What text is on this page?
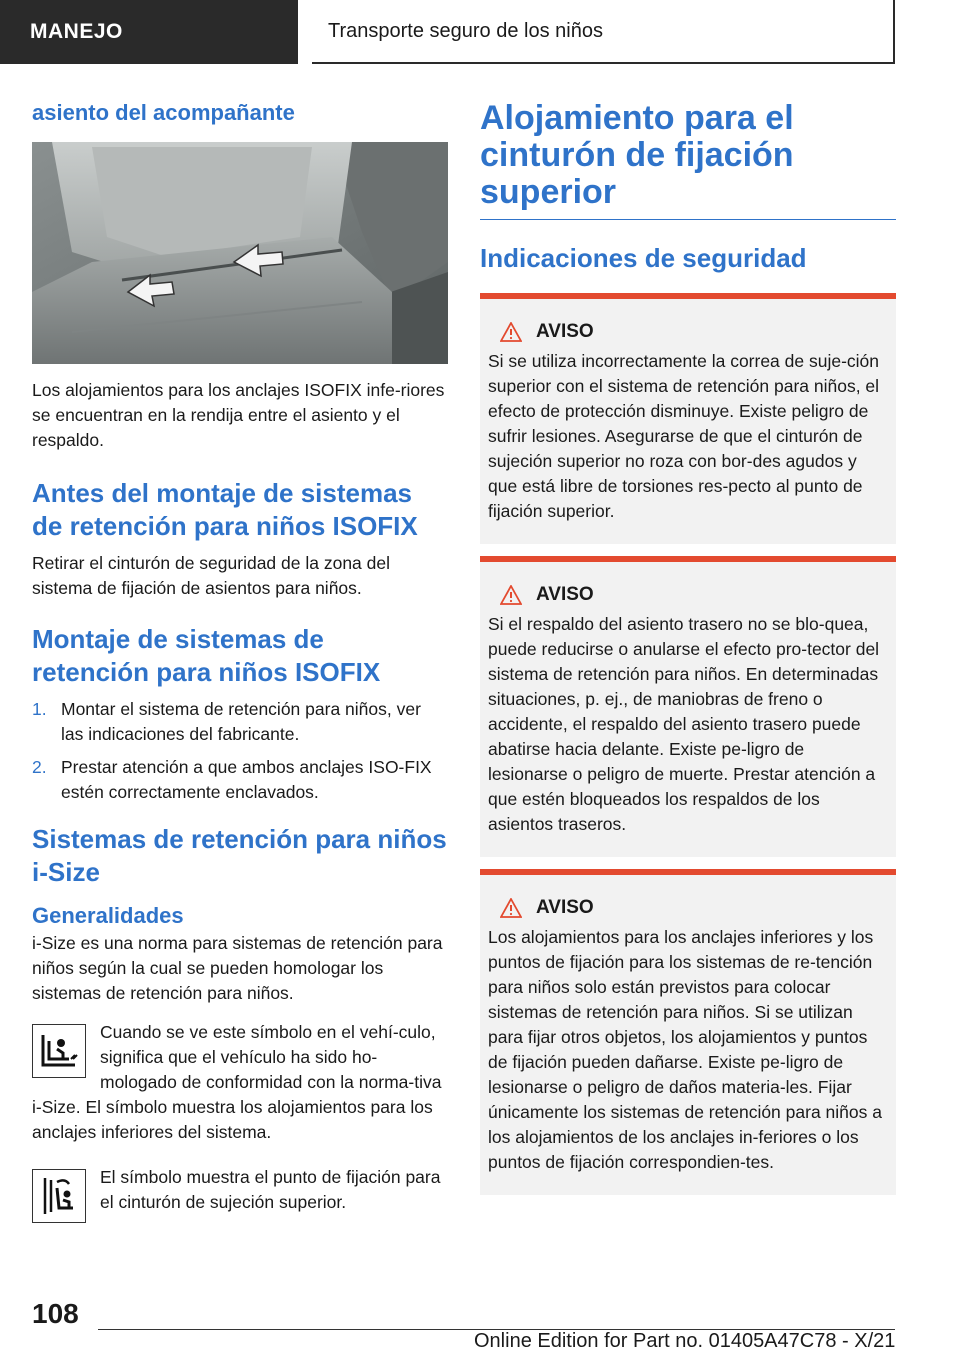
MANEJO	Transporte seguro de los niños
asiento del acompañante

Los alojamientos para los anclajes ISOFIX infe-riores se encuentran en la rendija entre el asiento y el respaldo.

Antes del montaje de sistemas de retención para niños ISOFIX

Retirar el cinturón de seguridad de la zona del sistema de fijación de asientos para niños.

Montaje de sistemas de retención para niños ISOFIX
1. Montar el sistema de retención para niños, ver las indicaciones del fabricante.
2. Prestar atención a que ambos anclajes ISO-FIX estén correctamente enclavados.
Sistemas de retención para niños i-Size
Generalidades

i-Size es una norma para sistemas de retención para niños según la cual se pueden homologar los sistemas de retención para niños.

Cuando se ve este símbolo en el vehí-culo, significa que el vehículo ha sido ho-mologado de conformidad con la norma-tiva i-Size. El símbolo muestra los alojamientos para los anclajes inferiores del sistema.

El símbolo muestra el punto de fijación para el cinturón de sujeción superior.

Alojamiento para el cinturón de fijación superior
Indicaciones de seguridad
AVISO

Si se utiliza incorrectamente la correa de suje-ción superior con el sistema de retención para niños, el efecto de protección disminuye. Existe peligro de sufrir lesiones. Asegurarse de que el cinturón de sujeción superior no roza con bor-des agudos y que está libre de torsiones res-pecto al punto de fijación superior.

AVISO

Si el respaldo del asiento trasero no se blo-quea, puede reducirse o anularse el efecto pro-tector del sistema de retención para niños. En determinadas situaciones, p. ej., de maniobras de freno o accidente, el respaldo del asiento trasero puede abatirse hacia delante. Existe pe-ligro de lesionarse o peligro de muerte. Prestar atención a que estén bloqueados los respaldos de los asientos traseros.

AVISO

Los alojamientos para los anclajes inferiores y los puntos de fijación para los sistemas de re-tención para niños solo están previstos para colocar sistemas de retención para niños. Si se utilizan para fijar otros objetos, los alojamientos y puntos de fijación pueden dañarse. Existe pe-ligro de lesionarse o peligro de daños materia-les. Fijar únicamente los sistemas de retención para niños a los alojamientos de los anclajes in-feriores o los puntos de fijación correspondien-tes.

108
Online Edition for Part no. 01405A47C78 - X/21
